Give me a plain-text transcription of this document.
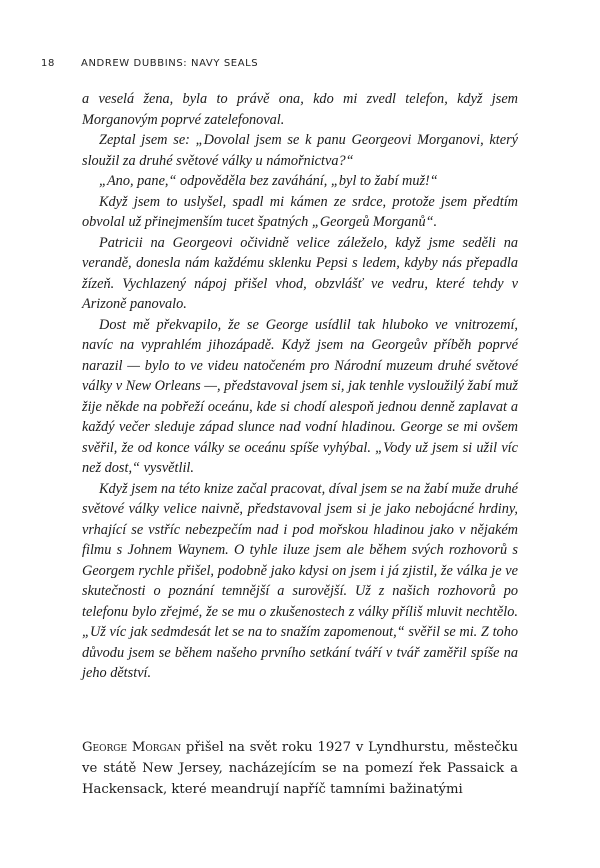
18	ANDREW DUBBINS: NAVY SEALS

a veselá žena, byla to právě ona, kdo mi zvedl telefon, když jsem Morganovým poprvé zatelefonoval.

Zeptal jsem se: „Dovolal jsem se k panu Georgeovi Morganovi, který sloužil za druhé světové války u námořnictva?“

„Ano, pane,“ odpověděla bez zaváhání, „byl to žabí muž!“

Když jsem to uslyšel, spadl mi kámen ze srdce, protože jsem předtím obvolal už přinejmenším tucet špatných „Georgeů Morganů“.

Patricii na Georgeovi očividně velice záleželo, když jsme seděli na verandě, donesla nám každému sklenku Pepsi s ledem, kdyby nás přepadla žízeň. Vychlazený nápoj přišel vhod, obzvlášť ve vedru, které tehdy v Arizoně panovalo.

Dost mě překvapilo, že se George usídlil tak hluboko ve vnitrozemí, navíc na vyprahlém jihozápadě. Když jsem na Georgeův příběh poprvé narazil — bylo to ve videu natočeném pro Národní muzeum druhé světové války v New Orleans —, představoval jsem si, jak tenhle vysloužilý žabí muž žije někde na pobřeží oceánu, kde si chodí alespoň jednou denně zaplavat a každý večer sleduje západ slunce nad vodní hladinou. George se mi ovšem svěřil, že od konce války se oceánu spíše vyhýbal. „Vody už jsem si užil víc než dost,“ vysvětlil.

Když jsem na této knize začal pracovat, díval jsem se na žabí muže druhé světové války velice naivně, představoval jsem si je jako nebojácné hrdiny, vrhající se vstříc nebezpečím nad i pod mořskou hladinou jako v nějakém filmu s Johnem Waynem. O tyhle iluze jsem ale během svých rozhovorů s Georgem rychle přišel, podobně jako kdysi on jsem i já zjistil, že válka je ve skutečnosti o poznání temnější a surovější. Už z našich rozhovorů po telefonu bylo zřejmé, že se mu o zkušenostech z války příliš mluvit nechtělo. „Už víc jak sedmdesát let se na to snažím zapomenout,“ svěřil se mi. Z toho důvodu jsem se během našeho prvního setkání tváří v tvář zaměřil spíše na jeho dětství.

George Morgan přišel na svět roku 1927 v Lyndhurstu, městečku ve státě New Jersey, nacházejícím se na pomezí řek Passaick a Hackensack, které meandrují napříč tamními bažinatými
